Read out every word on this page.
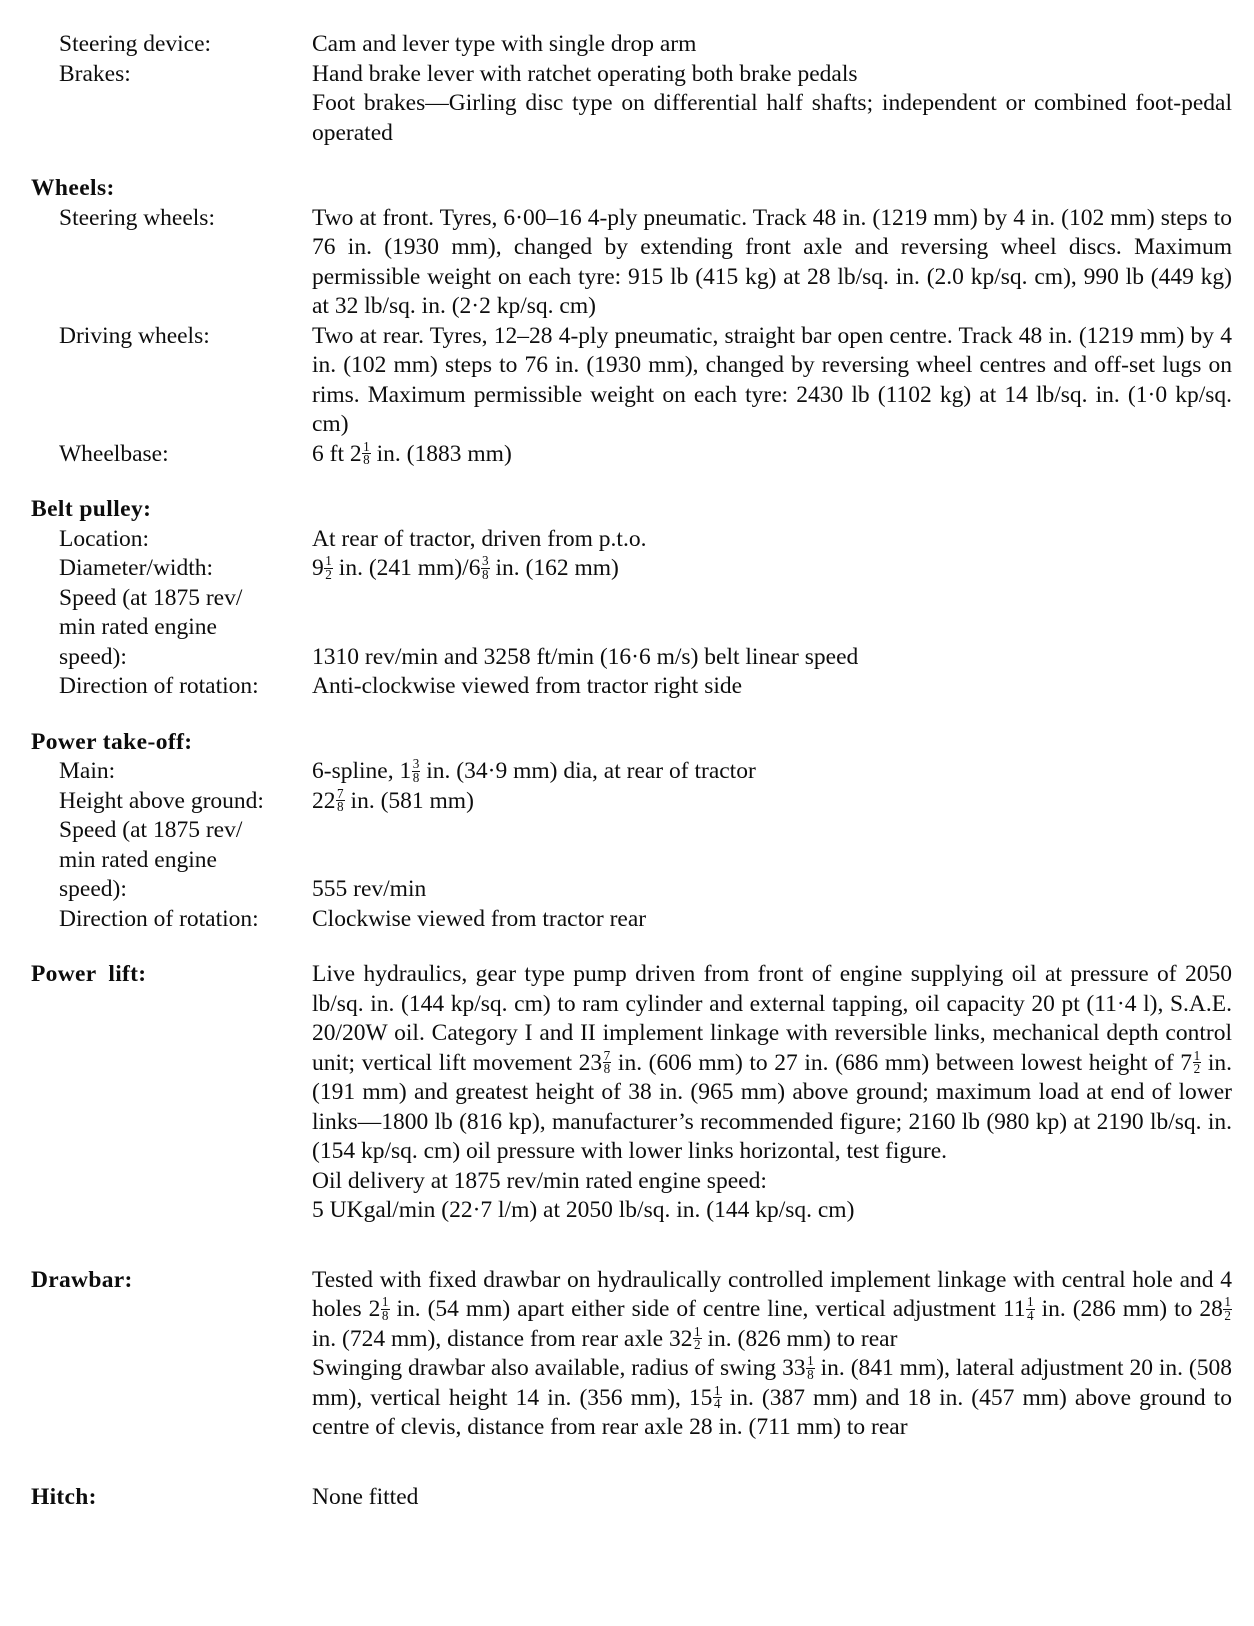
Steering device:	Cam and lever type with single drop arm

Brakes:	Hand brake lever with ratchet operating both brake pedals

Foot brakes—Girling disc type on differential half shafts; independent or combined foot-pedal operated

Wheels:
Steering wheels:	Two at front. Tyres, 6·00–16 4-ply pneumatic. Track 48 in. (1219 mm) by 4 in. (102 mm) steps to 76 in. (1930 mm), changed by extending front axle and reversing wheel discs. Maximum permissible weight on each tyre: 915 lb (415 kg) at 28 lb/sq. in. (2.0 kp/sq. cm), 990 lb (449 kg) at 32 lb/sq. in. (2·2 kp/sq. cm)

Driving wheels:	Two at rear. Tyres, 12–28 4-ply pneumatic, straight bar open centre. Track 48 in. (1219 mm) by 4 in. (102 mm) steps to 76 in. (1930 mm), changed by reversing wheel centres and off-set lugs on rims. Maximum permissible weight on each tyre: 2430 lb (1102 kg) at 14 lb/sq. in. (1·0 kp/sq. cm)

Wheelbase:	6 ft $2 \frac{1}{8}$ in. (1883 mm)

Belt pulley:
Location:	At rear of tractor, driven from p.t.o.

Diameter/width:	$9 \frac{1}{2}$ in. (241 $mm)/6 \frac{3}{8}$ in. (162 mm)

Speed (at 1875 rev/
min rated engine
speed):	1310 rev/min and 3258 ft/min (16·6 m/s) belt linear speed

Direction of rotation:	Anti-clockwise viewed from tractor right side

Power take-off:
Main:	6-spline, $1 \frac{3}{8}$ in. (34·9 mm) dia, at rear of tractor

Height above ground:	$22 \frac{7}{8}$ in. (581 mm)

Speed (at 1875 rev/
min rated engine
speed):	555 rev/min

Direction of rotation:	Clockwise viewed from tractor rear

Power  lift:	Live hydraulics, gear type pump driven from front of engine supplying oil at pressure of 2050 lb/sq. in. (144 kp/sq. cm) to ram cylinder and external tapping, oil capacity 20 pt (11·4 l), S.A.E. 20/20W oil. Category I and II implement linkage with reversible links, mechanical depth control unit; vertical lift movement $23 \frac{7}{8}$ in. (606 mm) to 27 in. (686 mm) between lowest height of $7 \frac{1}{2}$ in. (191 mm) and greatest height of 38 in. (965 mm) above ground; maximum load at end of lower links—1800 lb (816 kp), manufacturer’s recommended figure; 2160 lb (980 kp) at 2190 lb/sq. in. (154 kp/sq. cm) oil pressure with lower links horizontal, test figure.

Oil delivery at 1875 rev/min rated engine speed:

5 UKgal/min (22·7 l/m) at 2050 lb/sq. in. (144 kp/sq. cm)

Drawbar:	Tested with fixed drawbar on hydraulically controlled implement linkage with central hole and 4 holes $2 \frac{1}{8}$ in. (54 mm) apart either side of centre line, vertical adjustment $11 \frac{1}{4}$ in. (286 mm) to $28 \frac{1}{2}$
in. (724 mm), distance from rear axle $32 \frac{1}{2}$ in. (826 mm) to rear

Swinging drawbar also available, radius of swing $33 \frac{1}{8}$ in. (841 mm), lateral adjustment 20 in. (508 mm), vertical height 14 in. (356 mm), $15 \frac{1}{4}$ in. (387 mm) and 18 in. (457 mm) above ground to centre of clevis, distance from rear axle 28 in. (711 mm) to rear

Hitch:	None fitted
